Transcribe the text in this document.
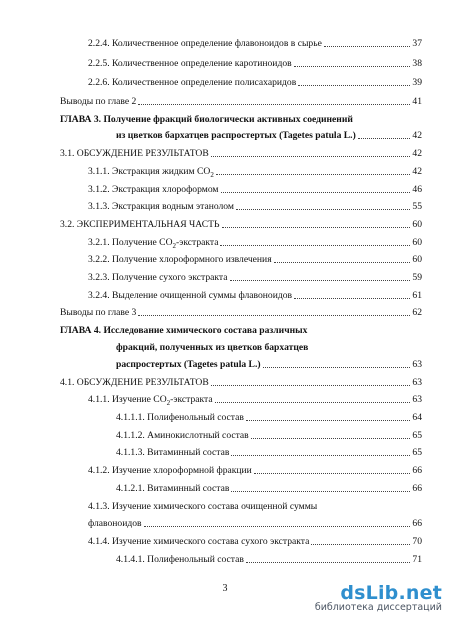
2.2.4. Количественное определение флавоноидов в сырье	37
2.2.5. Количественное определение каротиноидов	38
2.2.6. Количественное определение полисахаридов	39
Выводы по главе 2	41
ГЛАВА 3. Получение фракций биологически активных соединений
из цветков бархатцев распростертых (Tagetes patula L.)	42
3.1. ОБСУЖДЕНИЕ РЕЗУЛЬТАТОВ	42
3.1.1. Экстракция жидким $CO_2$	42
3.1.2. Экстракция хлороформом	46
3.1.3. Экстракция водным этанолом	55
3.2. ЭКСПЕРИМЕНТАЛЬНАЯ ЧАСТЬ	60
3.2.1. Получение $CO_2$-экстракта	60
3.2.2. Получение хлороформного извлечения	60
3.2.3. Получение сухого экстракта	59
3.2.4. Выделение очищенной суммы флавоноидов	61
Выводы по главе 3	62
ГЛАВА 4. Исследование химического состава различных
фракций, полученных из цветков бархатцев
распростертых (Tagetes patula L.)	63
4.1. ОБСУЖДЕНИЕ РЕЗУЛЬТАТОВ	63
4.1.1. Изучение $CO_2$-экстракта	63
4.1.1.1. Полифенольный состав	64
4.1.1.2. Аминокислотный состав	65
4.1.1.3. Витаминный состав	65
4.1.2. Изучение хлороформной фракции	66
4.1.2.1. Витаминный состав	66
4.1.3. Изучение химического состава очищенной суммы
флавоноидов	66
4.1.4. Изучение химического состава сухого экстракта	70
4.1.4.1. Полифенольный состав	71
3	dsLib.net
библиотека диссертаций
